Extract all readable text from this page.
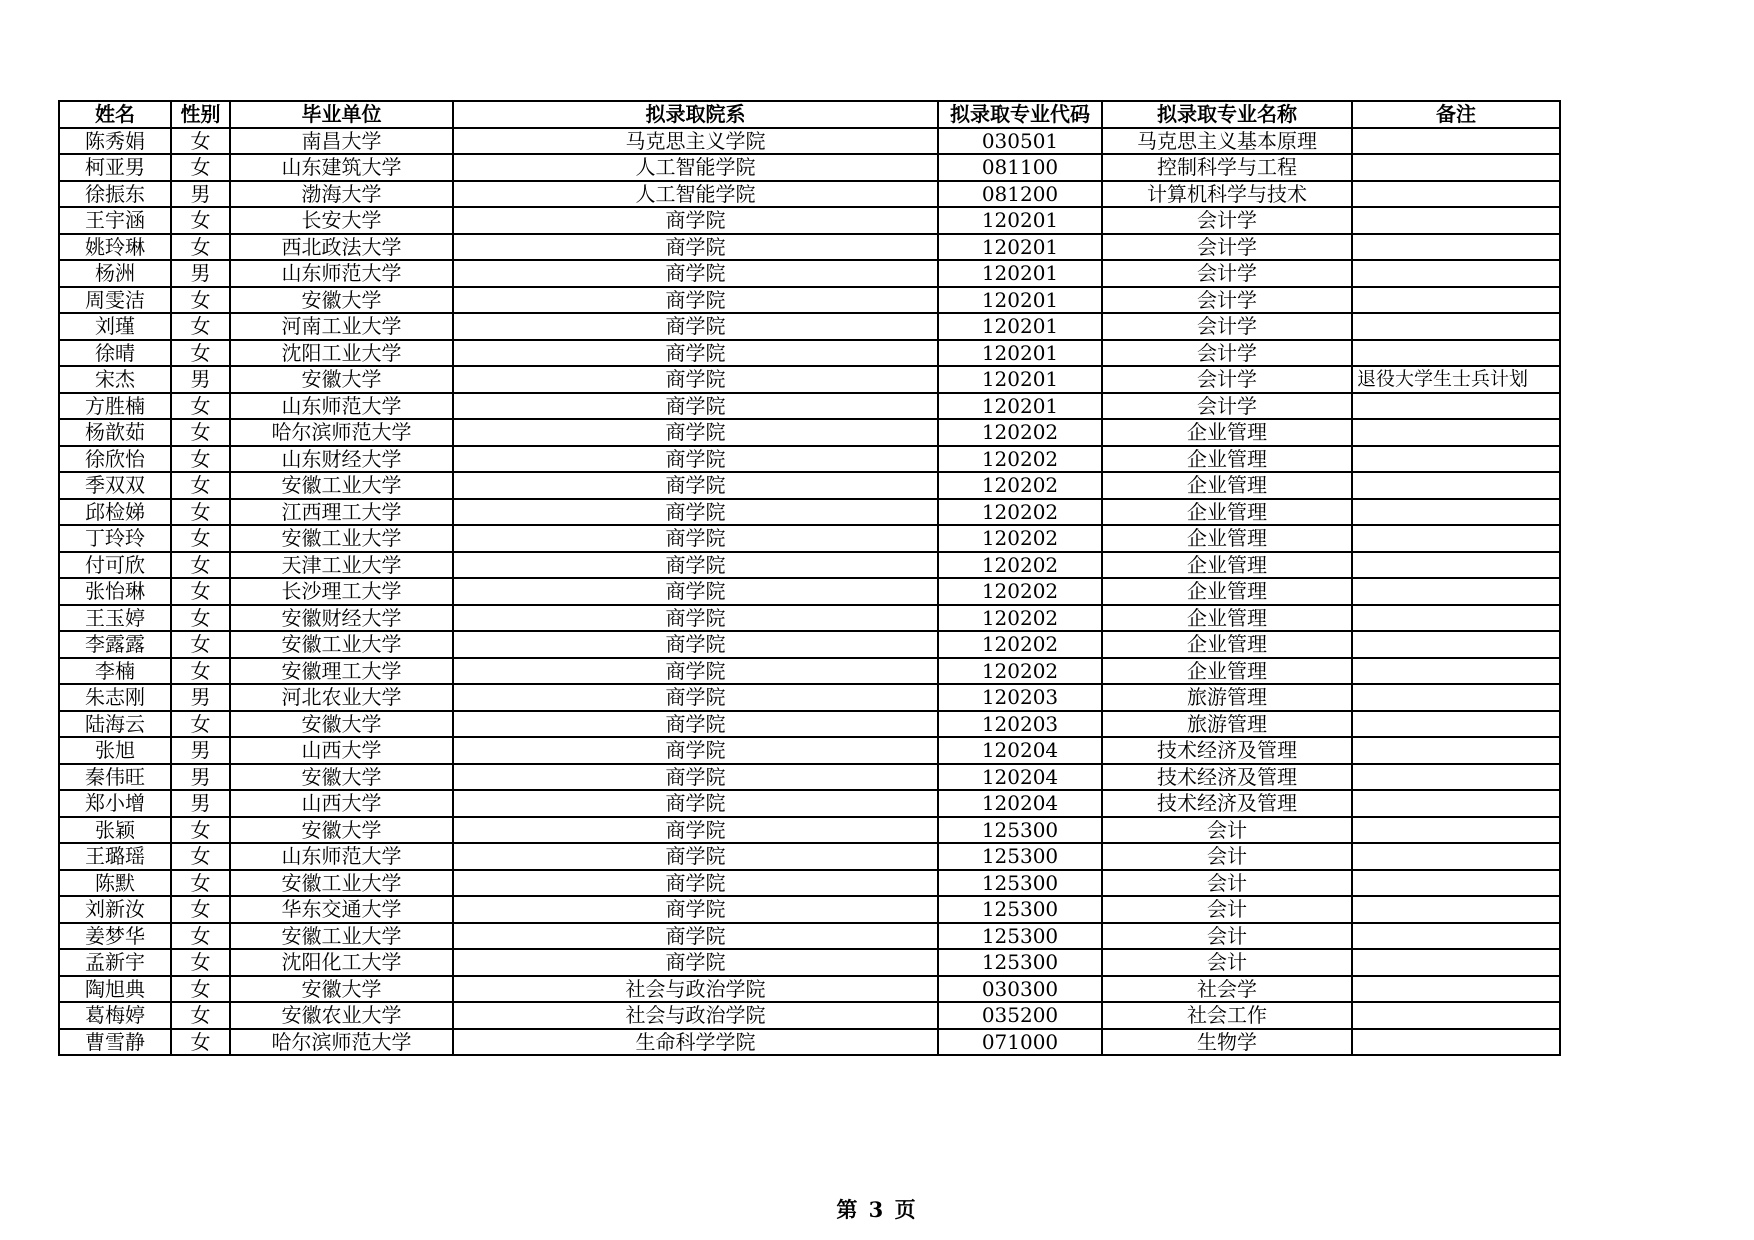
姓名	性别	毕业单位	拟录取院系	拟录取专业代码	拟录取专业名称	备注
陈秀娟	女	南昌大学	马克思主义学院	030501	马克思主义基本原理	
柯亚男	女	山东建筑大学	人工智能学院	081100	控制科学与工程	
徐振东	男	渤海大学	人工智能学院	081200	计算机科学与技术	
王宇涵	女	长安大学	商学院	120201	会计学	
姚玲琳	女	西北政法大学	商学院	120201	会计学	
杨洲	男	山东师范大学	商学院	120201	会计学	
周雯洁	女	安徽大学	商学院	120201	会计学	
刘瑾	女	河南工业大学	商学院	120201	会计学	
徐晴	女	沈阳工业大学	商学院	120201	会计学	
宋杰	男	安徽大学	商学院	120201	会计学	退役大学生士兵计划
方胜楠	女	山东师范大学	商学院	120201	会计学	
杨歆茹	女	哈尔滨师范大学	商学院	120202	企业管理	
徐欣怡	女	山东财经大学	商学院	120202	企业管理	
季双双	女	安徽工业大学	商学院	120202	企业管理	
邱检娣	女	江西理工大学	商学院	120202	企业管理	
丁玲玲	女	安徽工业大学	商学院	120202	企业管理	
付可欣	女	天津工业大学	商学院	120202	企业管理	
张怡琳	女	长沙理工大学	商学院	120202	企业管理	
王玉婷	女	安徽财经大学	商学院	120202	企业管理	
李露露	女	安徽工业大学	商学院	120202	企业管理	
李楠	女	安徽理工大学	商学院	120202	企业管理	
朱志刚	男	河北农业大学	商学院	120203	旅游管理	
陆海云	女	安徽大学	商学院	120203	旅游管理	
张旭	男	山西大学	商学院	120204	技术经济及管理	
秦伟旺	男	安徽大学	商学院	120204	技术经济及管理	
郑小增	男	山西大学	商学院	120204	技术经济及管理	
张颖	女	安徽大学	商学院	125300	会计	
王璐瑶	女	山东师范大学	商学院	125300	会计	
陈默	女	安徽工业大学	商学院	125300	会计	
刘新汝	女	华东交通大学	商学院	125300	会计	
姜梦华	女	安徽工业大学	商学院	125300	会计	
孟新宇	女	沈阳化工大学	商学院	125300	会计	
陶旭典	女	安徽大学	社会与政治学院	030300	社会学	
葛梅婷	女	安徽农业大学	社会与政治学院	035200	社会工作	
曹雪静	女	哈尔滨师范大学	生命科学学院	071000	生物学	
第 3 页
